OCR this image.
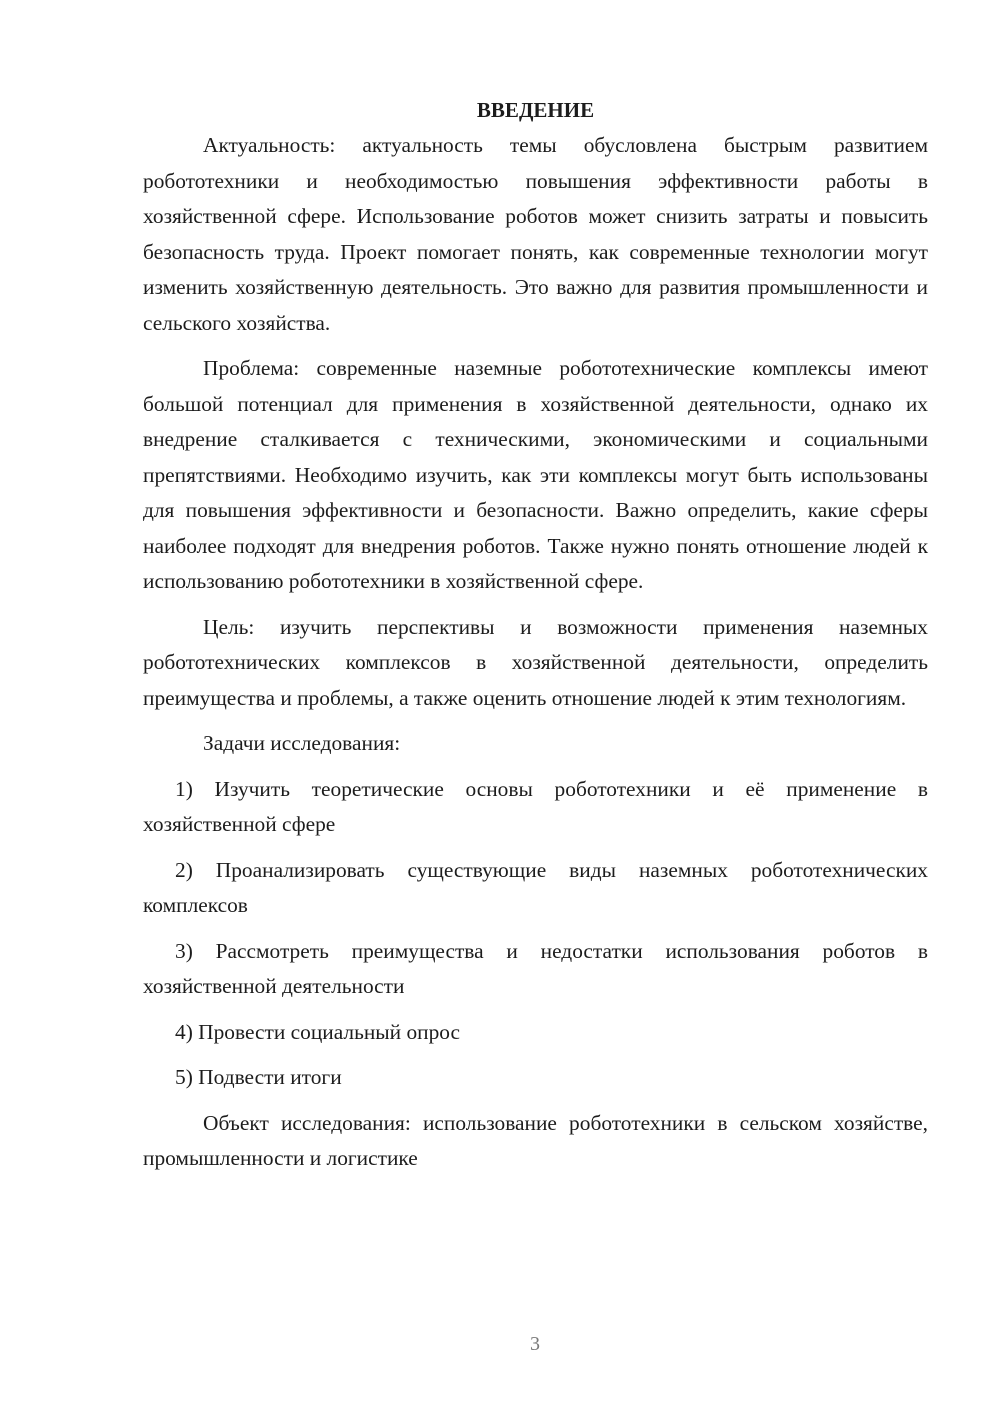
ВВЕДЕНИЕ

Актуальность: актуальность темы обусловлена быстрым развитием робототехники и необходимостью повышения эффективности работы в хозяйственной сфере. Использование роботов может снизить затраты и повысить безопасность труда. Проект помогает понять, как современные технологии могут изменить хозяйственную деятельность. Это важно для развития промышленности и сельского хозяйства.

Проблема: современные наземные робототехнические комплексы имеют большой потенциал для применения в хозяйственной деятельности, однако их внедрение сталкивается с техническими, экономическими и социальными препятствиями. Необходимо изучить, как эти комплексы могут быть использованы для повышения эффективности и безопасности. Важно определить, какие сферы наиболее подходят для внедрения роботов. Также нужно понять отношение людей к использованию робототехники в хозяйственной сфере.

Цель: изучить перспективы и возможности применения наземных робототехнических комплексов в хозяйственной деятельности, определить преимущества и проблемы, а также оценить отношение людей к этим технологиям.

Задачи исследования:

1) Изучить теоретические основы робототехники и её применение в хозяйственной сфере

2) Проанализировать существующие виды наземных робототехнических комплексов

3) Рассмотреть преимущества и недостатки использования роботов в хозяйственной деятельности

4) Провести социальный опрос

5) Подвести итоги

Объект исследования: использование робототехники в сельском хозяйстве, промышленности и логистике

3
